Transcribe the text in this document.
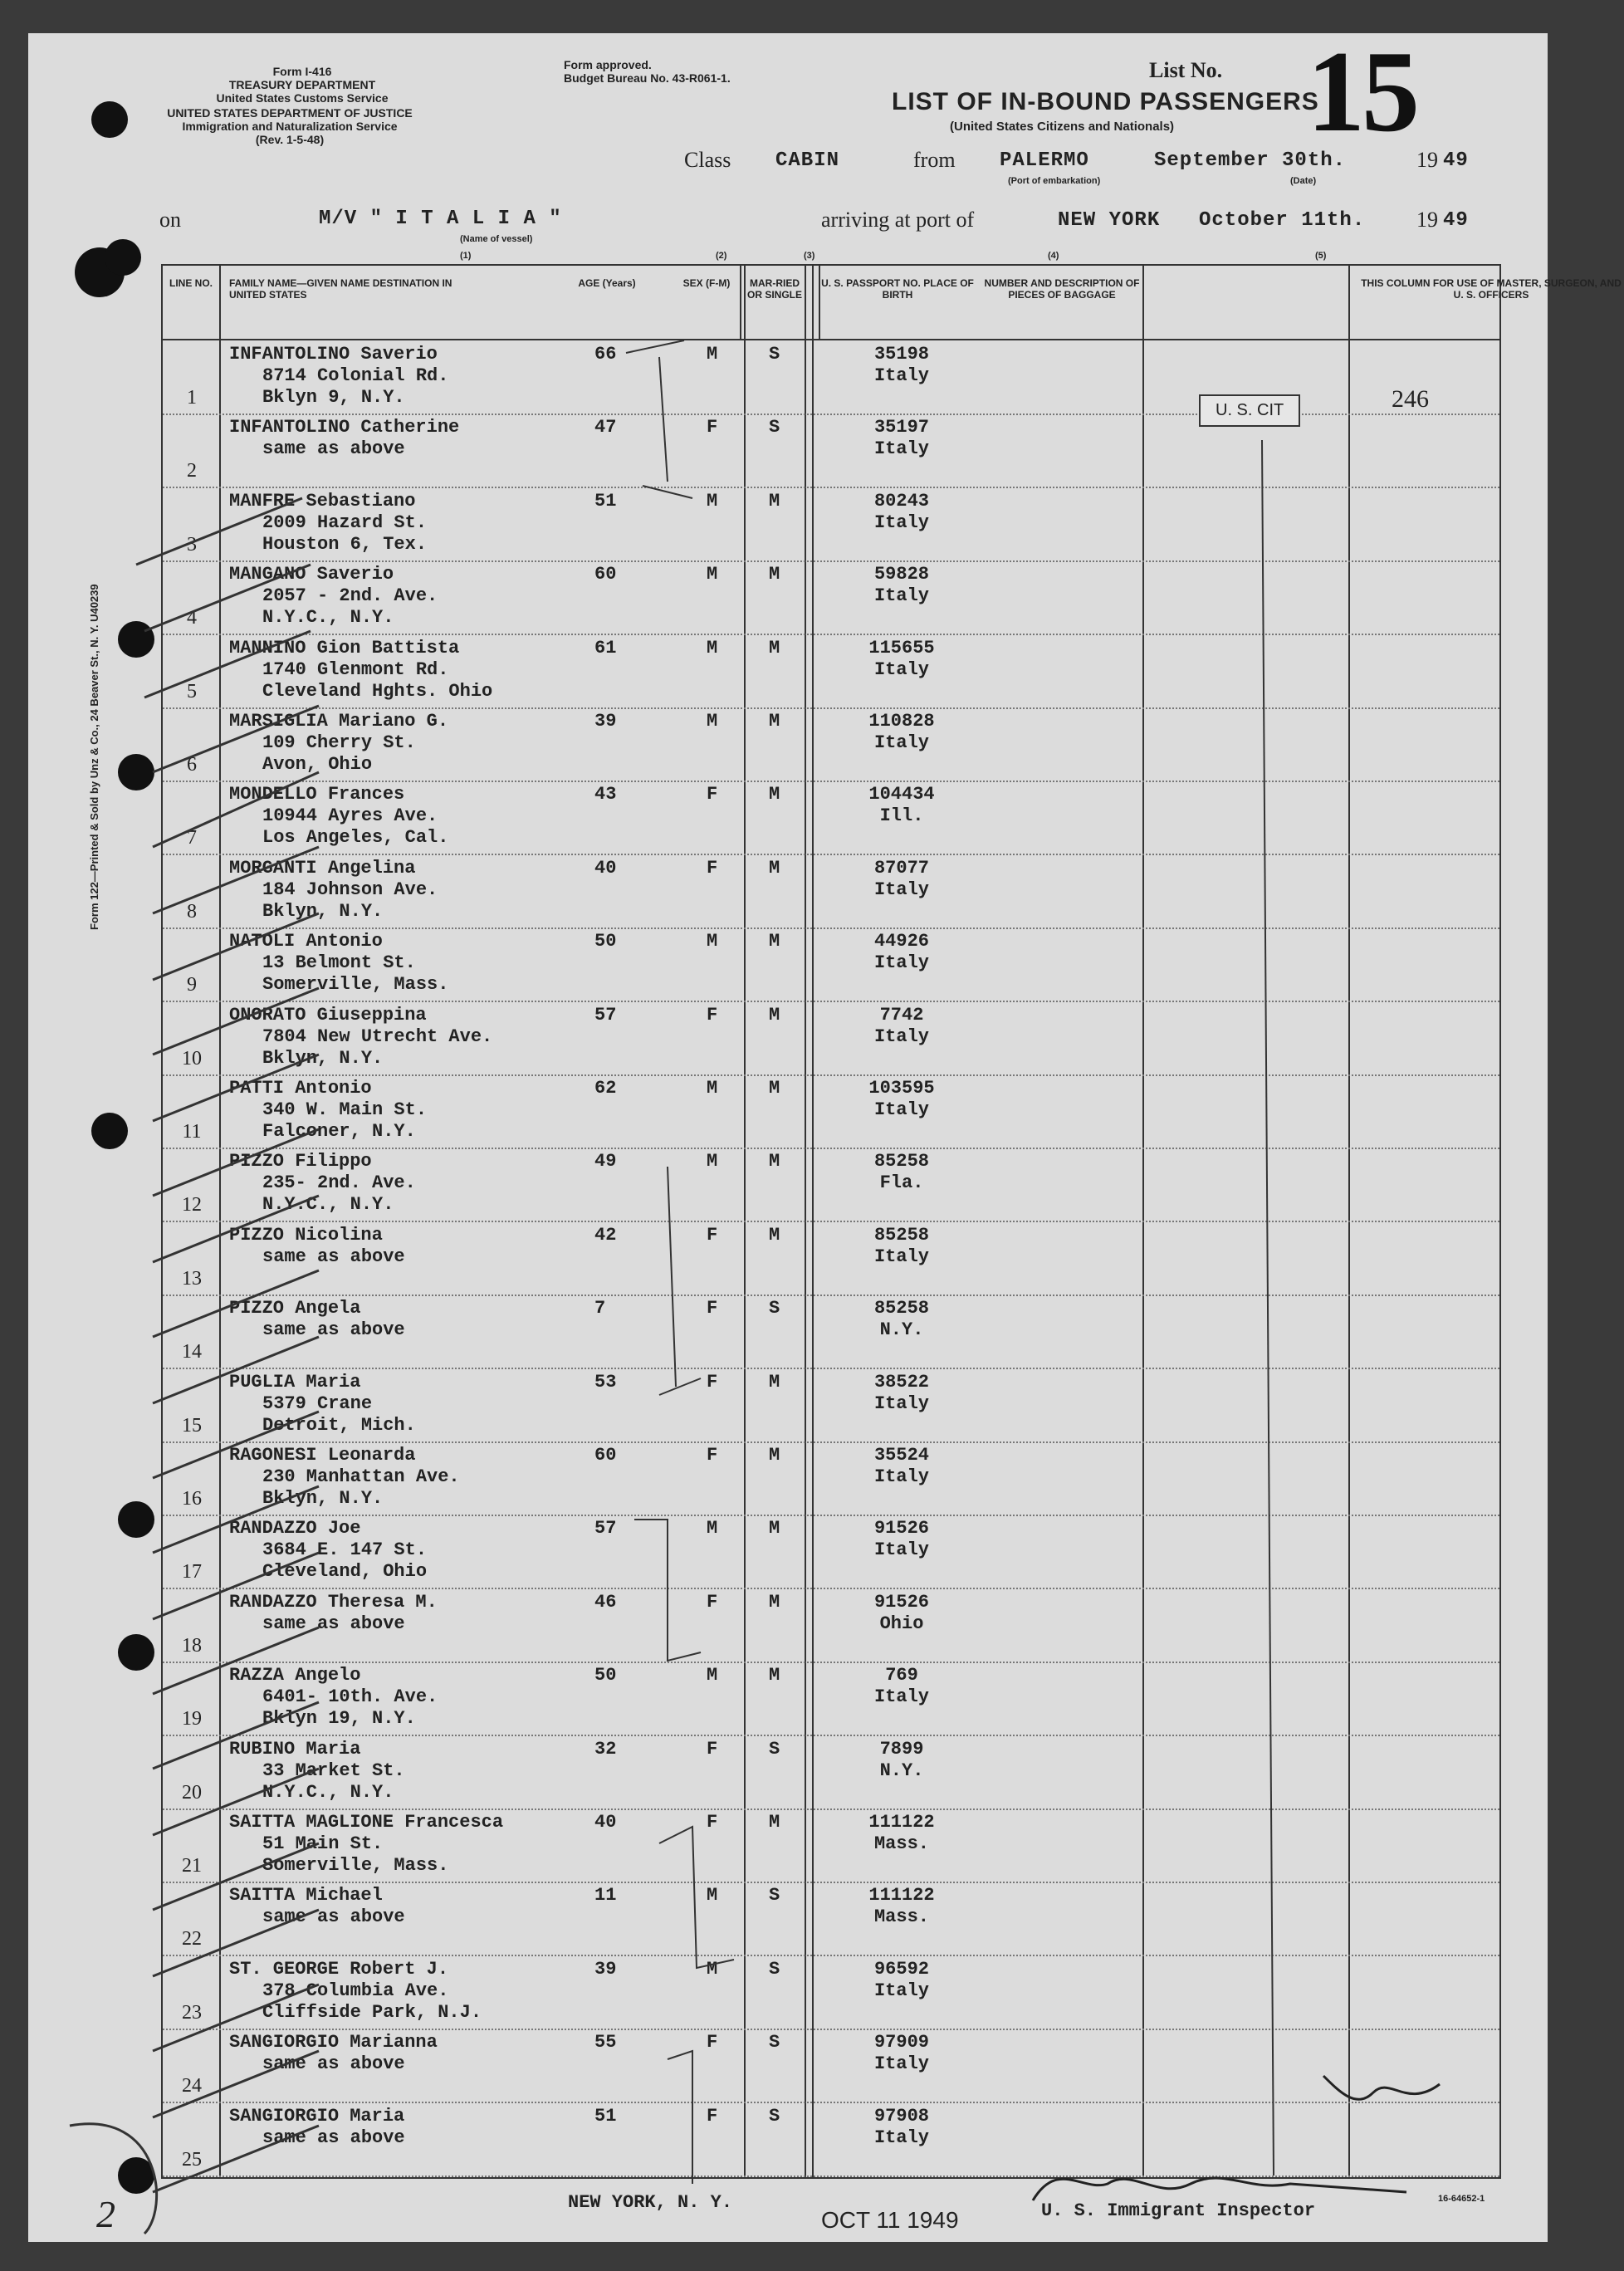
Form I-416
TREASURY DEPARTMENT
United States Customs Service
UNITED STATES DEPARTMENT OF JUSTICE
Immigration and Naturalization Service
(Rev. 1-5-48)
Form approved.
Budget Bureau No. 43-R061-1.	List No. 15
LIST OF IN-BOUND PASSENGERS
(United States Citizens and Nationals)
Class CABIN	from PALERMO	September 30th.	19 49
(Port of embarkation)	(Date)
on	M/V " I T A L I A "
(Name of vessel)
arriving at port of	NEW YORK October 11th. 19 49
(1)	(2)	(3)	(4)	(5)
Form 122—Printed & Sold by Unz & Co., 24 Beaver St., N. Y. U40239
LINE NO.	FAMILY NAME—GIVEN NAME DESTINATION IN UNITED STATES
AGE (Years)	SEX (F-M)	MAR-RIED OR SINGLE
U. S. PASSPORT NO. PLACE OF BIRTH
NUMBER AND DESCRIPTION OF PIECES OF BAGGAGE
THIS COLUMN FOR USE OF MASTER, SURGEON, AND U. S. OFFICERS
1
INFANTOLINO Saverio
8714 Colonial Rd.
Bklyn 9, N.Y.
66	M	S	35198
Italy
2
INFANTOLINO Catherine
same as above
47	F	S	35197
Italy
3
MANFRE Sebastiano
2009 Hazard St.
Houston 6, Tex.
51	M	M	80243
Italy
4
MANGANO Saverio
2057 - 2nd. Ave.
N.Y.C., N.Y.
60	M	M	59828
Italy
5
MANNINO Gion Battista
1740 Glenmont Rd.
Cleveland Hghts. Ohio
61	M	M	115655
Italy
6
MARSIGLIA Mariano G.
109 Cherry St.
Avon, Ohio
39	M	M	110828
Italy
7
MONDELLO Frances
10944 Ayres Ave.
Los Angeles, Cal.
43	F	M	104434
Ill.
8
MORGANTI Angelina
184 Johnson Ave.
Bklyn, N.Y.
40	F	M	87077
Italy
9
NATOLI Antonio
13 Belmont St.
Somerville, Mass.
50	M	M	44926
Italy
10
ONORATO Giuseppina
7804 New Utrecht Ave.
Bklyn, N.Y.
57	F	M	7742
Italy
11
PATTI Antonio
340 W. Main St.
Falconer, N.Y.
62	M	M	103595
Italy
12
PIZZO Filippo
235- 2nd. Ave.
N.Y.C., N.Y.
49	M	M	85258
Fla.
13
PIZZO Nicolina
same as above
42	F	M	85258
Italy
14
PIZZO Angela
same as above
7	F	S	85258
N.Y.
15
PUGLIA Maria
5379 Crane
Detroit, Mich.
53	F	M	38522
Italy
16
RAGONESI Leonarda
230 Manhattan Ave.
Bklyn, N.Y.
60	F	M	35524
Italy
17
RANDAZZO Joe
3684 E. 147 St.
Cleveland, Ohio
57	M	M	91526
Italy
18
RANDAZZO Theresa M.
same as above
46	F	M	91526
Ohio
19
RAZZA Angelo
6401- 10th. Ave.
Bklyn 19, N.Y.
50	M	M	769
Italy
20
RUBINO Maria
33 Market St.
N.Y.C., N.Y.
32	F	S	7899
N.Y.
21
SAITTA MAGLIONE Francesca
51 Main St.
Somerville, Mass.
40	F	M	111122
Mass.
22
SAITTA Michael
same as above
11	M	S	111122
Mass.
23
ST. GEORGE Robert J.
378 Columbia Ave.
Cliffside Park, N.J.
39	M	S	96592
Italy
24
SANGIORGIO Marianna
same as above
55	F	S	97909
Italy
25
SANGIORGIO Maria
same as above
51	F	S	97908
Italy
U. S. CIT	246
NEW YORK, N. Y.
OCT 11 1949	U. S. Immigrant Inspector
16-64652-1
2
